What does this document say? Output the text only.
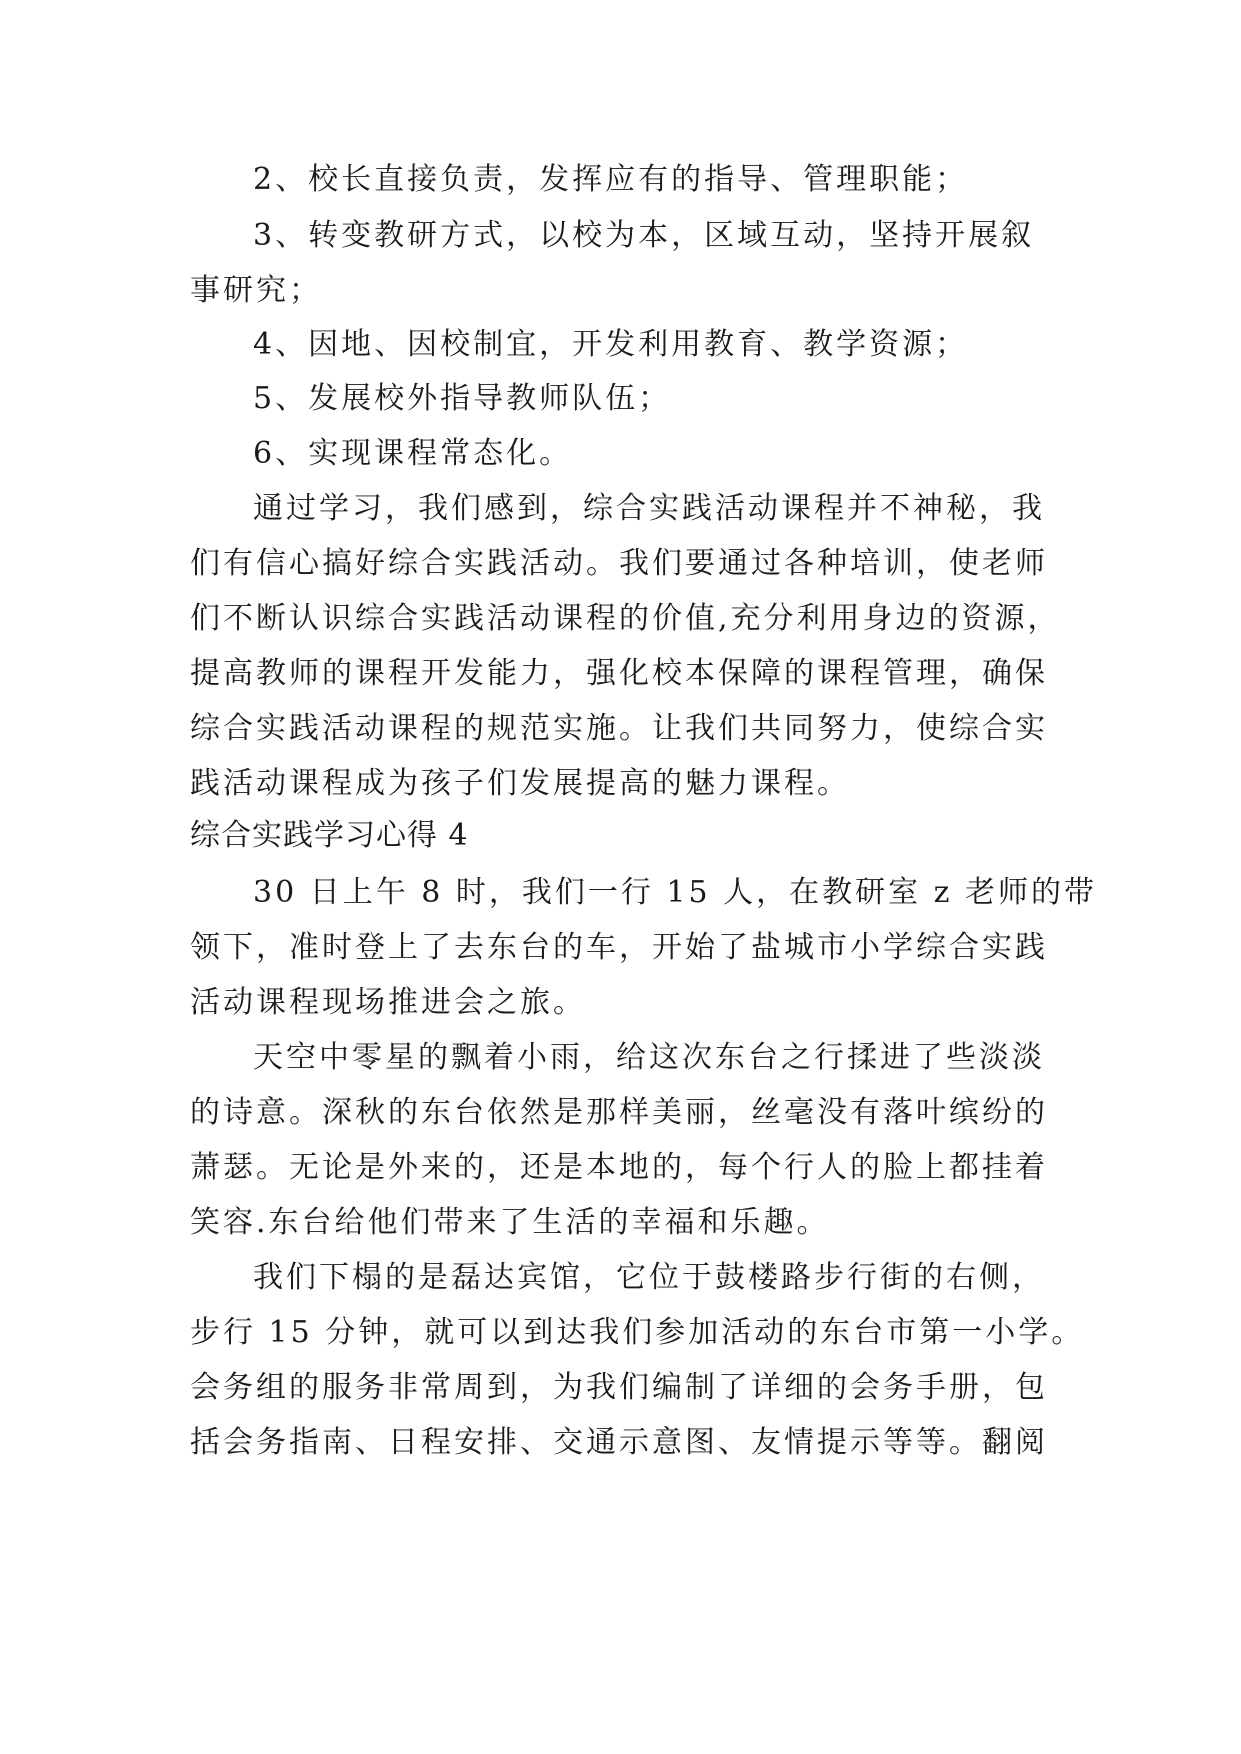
2、校长直接负责，发挥应有的指导、管理职能；
3、转变教研方式，以校为本，区域互动，坚持开展叙
事研究；
4、因地、因校制宜，开发利用教育、教学资源；
5、发展校外指导教师队伍；
6、实现课程常态化。
通过学习，我们感到，综合实践活动课程并不神秘，我
们有信心搞好综合实践活动。我们要通过各种培训，使老师
们不断认识综合实践活动课程的价值,充分利用身边的资源，
提高教师的课程开发能力，强化校本保障的课程管理，确保
综合实践活动课程的规范实施。让我们共同努力，使综合实
践活动课程成为孩子们发展提高的魅力课程。
综合实践学习心得 4
30 日上午 8 时，我们一行 15 人，在教研室 z 老师的带
领下，准时登上了去东台的车，开始了盐城市小学综合实践
活动课程现场推进会之旅。
天空中零星的飘着小雨，给这次东台之行揉进了些淡淡
的诗意。深秋的东台依然是那样美丽，丝毫没有落叶缤纷的
萧瑟。无论是外来的，还是本地的，每个行人的脸上都挂着
笑容.东台给他们带来了生活的幸福和乐趣。
我们下榻的是磊达宾馆，它位于鼓楼路步行街的右侧，
步行 15 分钟，就可以到达我们参加活动的东台市第一小学。
会务组的服务非常周到，为我们编制了详细的会务手册，包
括会务指南、日程安排、交通示意图、友情提示等等。翻阅
